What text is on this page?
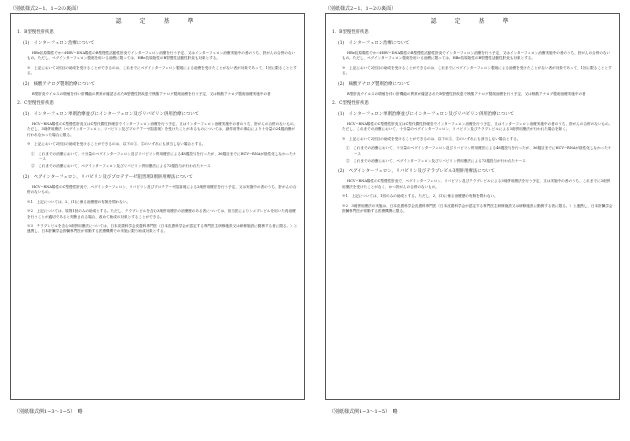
（別紙様式2−1、1−2の裏面）
認　定　基　準
1．B型慢性肝疾患
(1)　インターフェロン治療について
HBe抗原陽性でかつHBV−DNA陽性のB型慢性活動性肝炎でインターフェロン治療を行う予定、又はインターフェロン治療実施中の者のうち、肝がんの合併のないもの。ただし、ペグインターフェロン製剤を用いる治療に限っては、HBe抗原陰性のB型慢性活動性肝炎も対象とする。
※　上記において2回目の助成を受けることができるのは、これまでにペグインターフェロン製剤による治療を受けたことがない者が対象であって、1回に限ることとする。
(2)　核酸アナログ製剤治療について
B型肝炎ウイルスの増殖を伴い肝機能の異常が確認されたB型慢性肝疾患で核酸アナログ製剤治療を行う予定、又は核酸アナログ製剤治療実施中の者
2．C型慢性肝疾患
(1)　インターフェロン単剤治療並びにインターフェロン及びリバビリン併用治療について
HCV−RNA陽性のC型慢性肝炎又はC型代償性肝硬変でインターフェロン治療を行う予定、又はインターフェロン治療実施中の者のうち、肝がんの合併のないもの。ただし、3剤併用療法（ペグインターフェロン、リバビリン及びプロテアーゼ阻害剤）を受けたことがあるものについては、副作用等の事由により十分量の24週治療が行われなかった場合に限る。
※　上記において2回目の助成を受けることができるのは、以下の①、②のいずれにも該当しない場合とする。
①　これまでの治療において、十分量のペグインターフェロン及びリバビリン併用療法による48週投与を行ったが、36週目までにHCV−RNAが陰性化しなかったケース
②　これまでの治療において、ペグインターフェロン及びリバビリン併用療法による72週投与が行われたケース
(2)　ペグインターフェロン、リバビリン及びプロテアーゼ阻害剤3剤併用療法について
HCV−RNA陽性のC型慢性肝炎で、ペグインターフェロン、リバビリン及びプロテアーゼ阻害剤による3剤併用療法を行う予定、又は実施中の者のうち、肝がんの合併のないもの。
※1　上記については、2、(1)に係る治療歴の有無を問わない。
※2　上記については、原則1回のみの助成とする。ただし、テラプレビルを含む3剤併用療法の治療歴のある者については、担当医によりシメプレビルを用いた再治療を行うことが適切であると判断される場合、改めて助成の対象とすることができる。
※3　テラプレビルを含む3剤併用療法については、日本皮膚科学会皮膚科専門医（日本皮膚科学会が認定する専門医主研修施設又は研修施設に勤務する者に限る。）と連携し、日本肝臓学会肝臓専門医が常勤する医療機関での実施に限り助成対象とする。
（別紙様式例1−3〜1−5）　略
（別紙様式2−1、1−2の裏面）
認　定　基　準
1．B型慢性肝疾患
(1)　インターフェロン治療について
HBe抗原陽性でかつHBV−DNA陽性のB型慢性活動性肝炎でインターフェロン治療を行う予定、又はインターフェロン治療実施中の者のうち、肝がんの合併のないもの。ただし、ペグインターフェロン製剤を用いる治療に限っては、HBe抗原陰性のB型慢性活動性肝炎も対象とする。
※　上記において2回目の助成を受けることができるのは、これまでにペグインターフェロン製剤による治療を受けたことがない者が対象であって、1回に限ることとする。
(2)　核酸アナログ製剤治療について
B型肝炎ウイルスの増殖を伴い肝機能の異常が確認されたB型慢性肝疾患で核酸アナログ製剤治療を行う予定、又は核酸アナログ製剤治療実施中の者
2．C型慢性肝疾患
(1)　インターフェロン単剤治療並びにインターフェロン及びリバビリン併用治療について
HCV−RNA陽性のC型慢性肝炎又はC型代償性肝硬変でインターフェロン治療を行う予定、又はインターフェロン治療実施中の者のうち、肝がんの合併のないもの。ただし、これまでの治療において、十分量のペグインターフェロン、リバビリン及びテラプレビルによる3剤併用療法が行われた場合を除く。
※　上記において2回目の助成を受けることができるのは、以下の①、②のいずれにも該当しない場合とする。
①　これまでの治療において、十分量のペグインターフェロン及びリバビリン併用療法による48週投与を行ったが、36週目までにHCV−RNAが陰性化しなかったケース
②　これまでの治療において、ペグインターフェロン及びリバビリン併用療法による72週投与が行われたケース
(2)　ペグインターフェロン、リバビリン及びテラプレビル3剤併用療法について
HCV−RNA陽性のC型慢性肝炎で、ペグインターフェロン、リバビリン及びテラプレビルによる3剤併用療法を行う予定、又は実施中の者のうち、これまでに3剤併用療法を受けたことがなく、かつ肝がんの合併のないもの。
※1　上記については、1回のみの助成とする。ただし、2、(1)に係る治療歴の有無を問わない。
※2　3剤併用療法の実施は、日本皮膚科学会皮膚科専門医（日本皮膚科学会が認定する専門医主研修施設又は研修施設に勤務する者に限る。）と連携し、日本肝臓学会肝臓専門医が常勤する医療機関に限る。
（別紙様式例1−3〜1−5）　略
